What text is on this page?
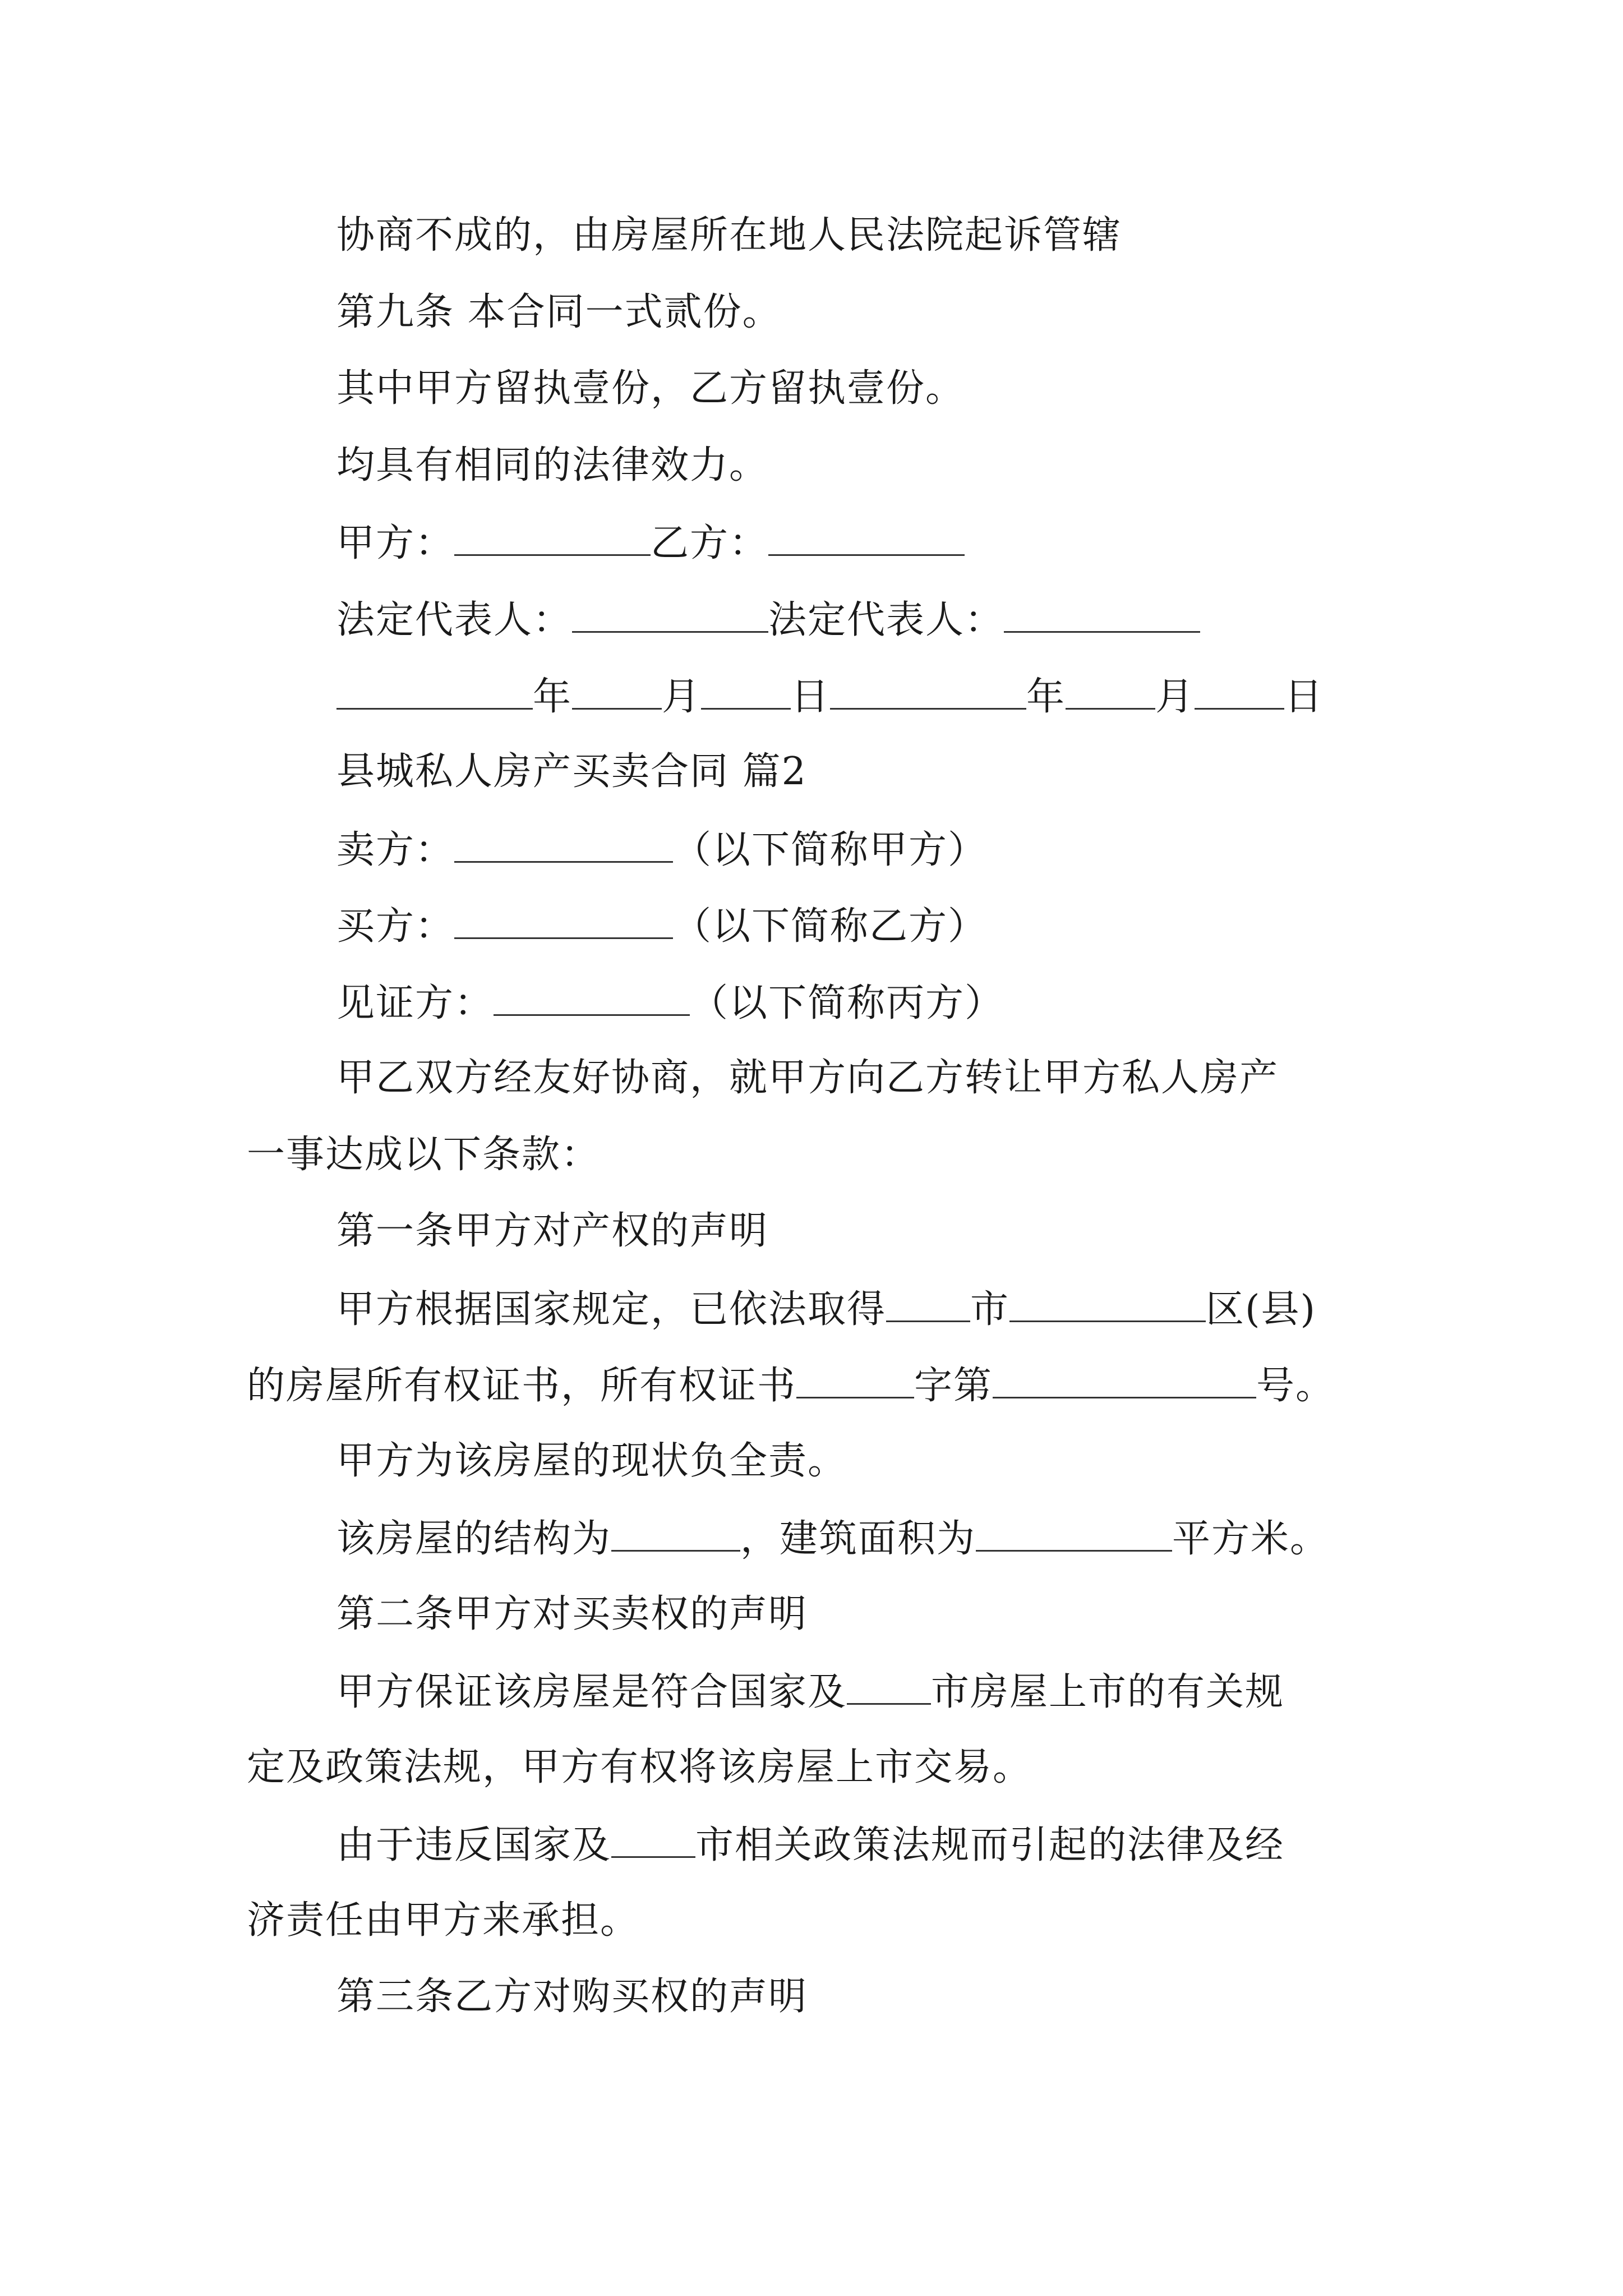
协商不成的，由房屋所在地人民法院起诉管辖
第九条 本合同一式贰份。
其中甲方留执壹份，乙方留执壹份。
均具有相同的法律效力。
甲方：	乙方：
法定代表人：	法定代表人：
年 月 日	年 月 日
县城私人房产买卖合同 篇2
卖方：	（以下简称甲方）
买方：	（以下简称乙方）
见证方：	（以下简称丙方）
甲乙双方经友好协商，就甲方向乙方转让甲方私人房产
一事达成以下条款：
第一条甲方对产权的声明
甲方根据国家规定，已依法取得 市	区(县)
的房屋所有权证书，所有权证书	字第	号。
甲方为该房屋的现状负全责。
该房屋的结构为	，建筑面积为	平方米。
第二条甲方对买卖权的声明
甲方保证该房屋是符合国家及 市房屋上市的有关规
定及政策法规，甲方有权将该房屋上市交易。
由于违反国家及 市相关政策法规而引起的法律及经
济责任由甲方来承担。
第三条乙方对购买权的声明
